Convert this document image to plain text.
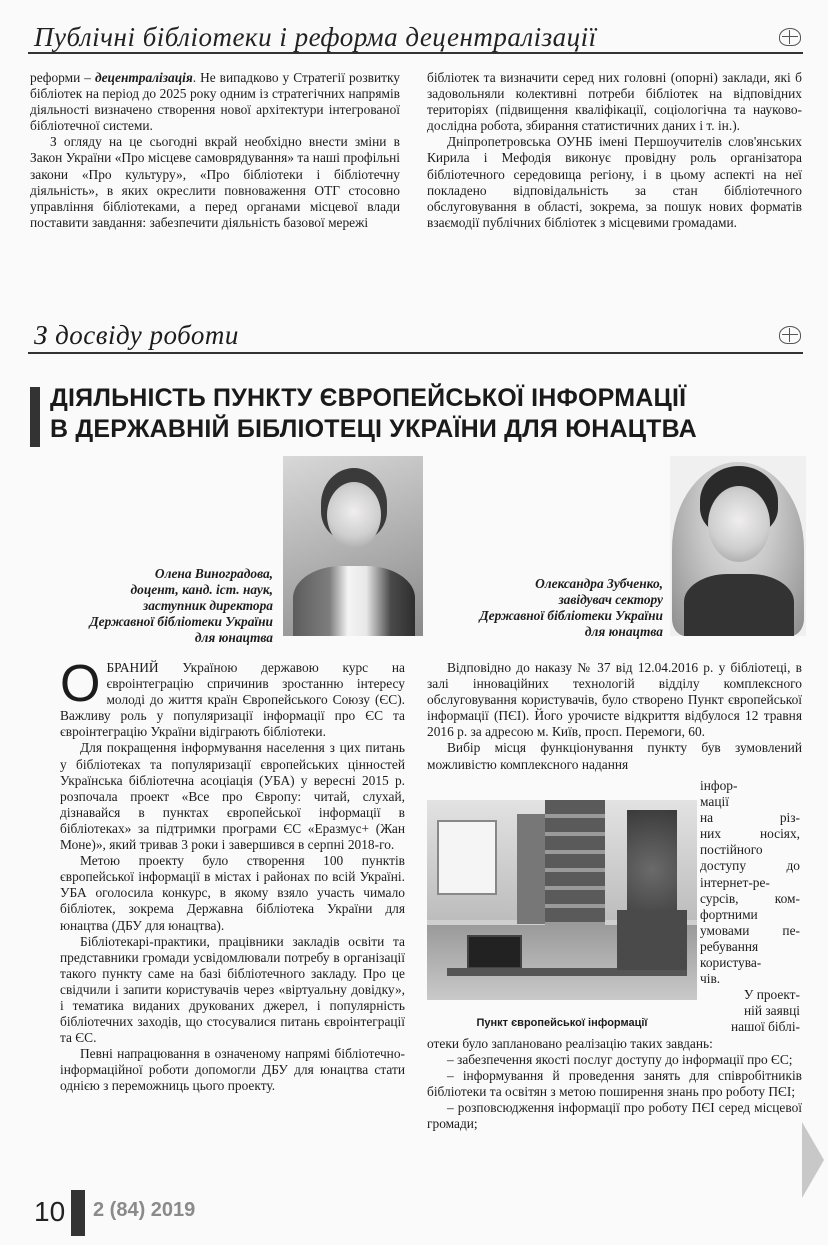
Публічні бібліотеки і реформа децентралізації

реформи – децентралізація. Не випадково у Стратегії розвитку бібліотек на період до 2025 року одним із стратегічних напрямів діяльності визначено створення нової архітектури інтегрованої бібліотечної системи.

З огляду на це сьогодні вкрай необхідно внести зміни в Закон України «Про місцеве самоврядування» та наші профільні закони «Про культуру», «Про бібліотеки і бібліотечну діяльність», в яких окреслити повноваження ОТГ стосовно управління бібліотеками, а перед органами місцевої влади поставити завдання: забезпечити діяльність базової мережі

бібліотек та визначити серед них головні (опорні) заклади, які б задовольняли колективні потреби бібліотек на відповідних територіях (підвищення кваліфікації, соціологічна та науково-дослідна робота, збирання статистичних даних і т. ін.).

Дніпропетровська ОУНБ імені Першоучителів слов'янських Кирила і Мефодія виконує провідну роль організатора бібліотечного середовища регіону, і в цьому аспекті на неї покладено відповідальність за стан бібліотечного обслуговування в області, зокрема, за пошук нових форматів взаємодії публічних бібліотек з місцевими громадами.

З досвіду роботи
ДІЯЛЬНІСТЬ ПУНКТУ ЄВРОПЕЙСЬКОЇ ІНФОРМАЦІЇ
В ДЕРЖАВНІЙ БІБЛІОТЕЦІ УКРАЇНИ ДЛЯ ЮНАЦТВА
Олена Виноградова,
доцент, канд. іст. наук,
заступник директора
Державної бібліотеки України
для юнацтва
Олександра Зубченко,
завідувач сектору
Державної бібліотеки України
для юнацтва

ОБРАНИЙ Україною державою курс на євроінтеграцію спричинив зростанню інтересу молоді до життя країн Європейського Союзу (ЄС). Важливу роль у популяризації інформації про ЄС та євроінтеграцію України відіграють бібліотеки.

Для покращення інформування населення з цих питань у бібліотеках та популяризації європейських цінностей Українська бібліотечна асоціація (УБА) у вересні 2015 р. розпочала проект «Все про Європу: читай, слухай, дізнавайся в пунктах європейської інформації в бібліотеках» за підтримки програми ЄС «Еразмус+ (Жан Моне)», який тривав 3 роки і завершився в серпні 2018-го.

Метою проекту було створення 100 пунктів європейської інформації в містах і районах по всій Україні. УБА оголосила конкурс, в якому взяло участь чимало бібліотек, зокрема Державна бібліотека України для юнацтва (ДБУ для юнацтва).

Бібліотекарі-практики, працівники закладів освіти та представники громади усвідомлювали потребу в організації такого пункту саме на базі бібліотечного закладу. Про це свідчили і запити користувачів через «віртуальну довідку», і тематика виданих друкованих джерел, і популярність бібліотечних заходів, що стосувалися питань євроінтеграції та ЄС.

Певні напрацювання в означеному напрямі бібліотечно-інформаційної роботи допомогли ДБУ для юнацтва стати однією з переможниць цього проекту.

Відповідно до наказу № 37 від 12.04.2016 р. у бібліотеці, в залі інноваційних технологій відділу комплексного обслуговування користувачів, було створено Пункт європейської інформації (ПЄІ). Його урочисте відкриття відбулося 12 травня 2016 р. за адресою м. Київ, просп. Перемоги, 60.

Вибір місця функціонування пункту був зумовлений можливістю комплексного надання

інфор-
мації
на різ-
них носіях,
постійного
доступу до
інтернет-ре-
сурсів, ком-
фортними
умовами пе-
ребування
користува-
чів.
У проект-
ній заявці
нашої біблі-
Пункт європейської інформації

отеки було заплановано реалізацію таких завдань:

– забезпечення якості послуг доступу до інформації про ЄС;
– інформування й проведення занять для співробітників бібліотеки та освітян з метою поширення знань про роботу ПЄІ;
– розповсюдження інформації про роботу ПЄІ серед місцевої громади;
10 2 (84) 2019
